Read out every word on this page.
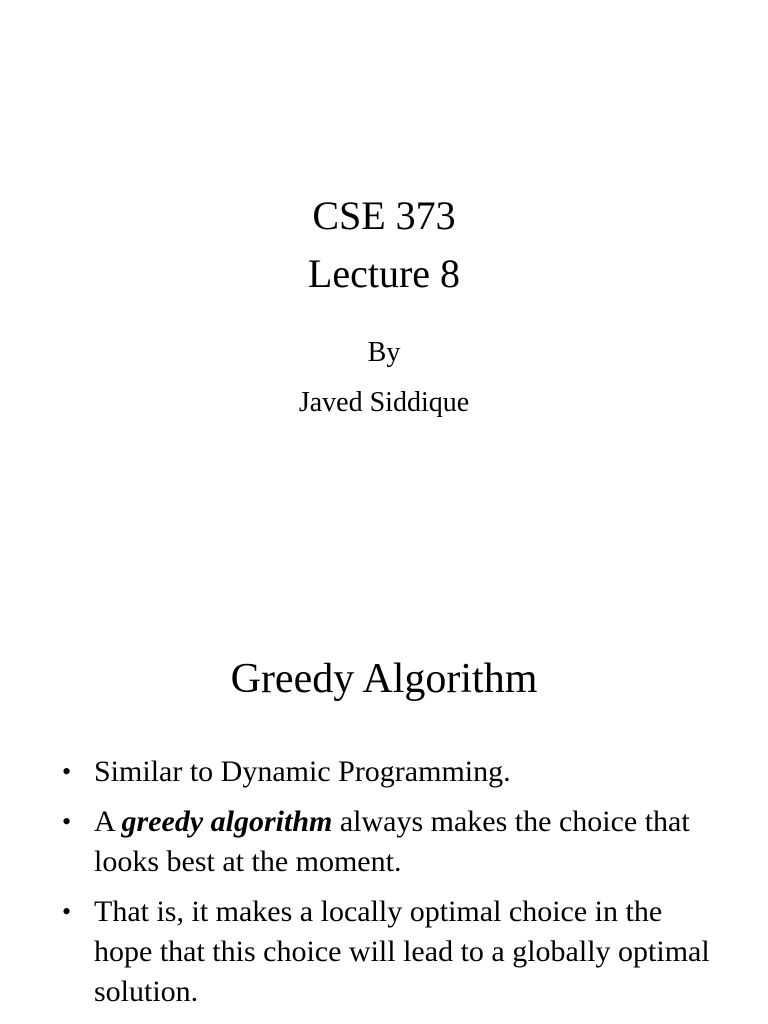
CSE 373
Lecture 8
By
Javed Siddique
Greedy Algorithm
• Similar to Dynamic Programming.
• A greedy algorithm always makes the choice that looks best at the moment.
• That is, it makes a locally optimal choice in the hope that this choice will lead to a globally optimal solution.
